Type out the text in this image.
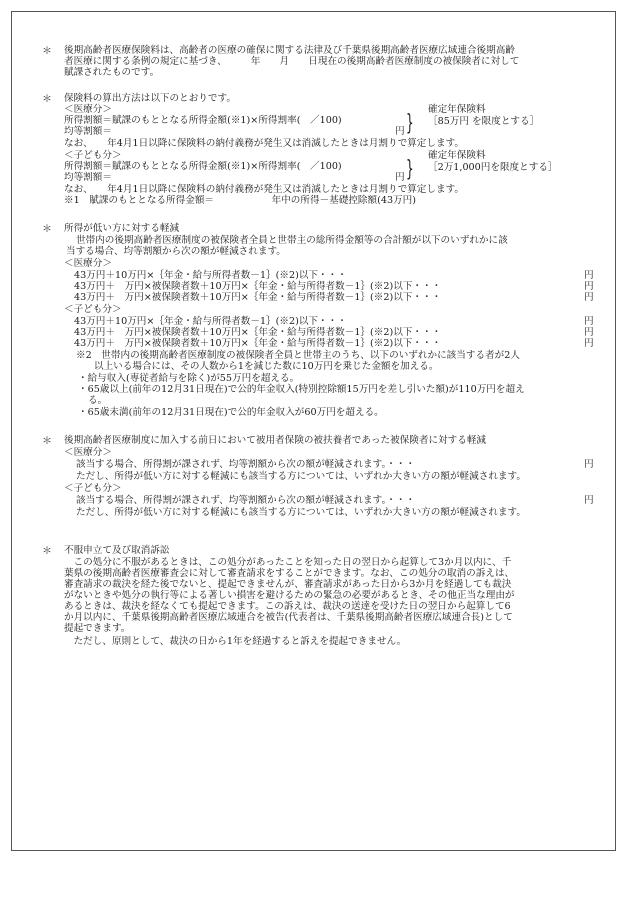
＊ 後期高齢者医療保険料は、高齢者の医療の確保に関する法律及び千葉県後期高齢者医療広域連合後期高齢
者医療に関する条例の規定に基づき、　　　年　　月　　日現在の後期高齢者医療制度の被保険者に対して
賦課されたものです。
＊ 保険料の算出方法は以下のとおりです。
＜医療分＞	確定年保険料
所得割額＝賦課のもととなる所得金額(※1)×所得割率(　／100)	} ［85万円 を限度とする］
均等割額＝	円
なお、　　年4月1日以降に保険料の納付義務が発生又は消滅したときは月割りで算定します。
＜子ども分＞	確定年保険料
所得割額＝賦課のもととなる所得金額(※1)×所得割率(　／100)	} ［2万1,000円を限度とする］
均等割額＝	円
なお、　　年4月1日以降に保険料の納付義務が発生又は消滅したときは月割りで算定します。
※1　賦課のもととなる所得金額＝　　　　　　年中の所得－基礎控除額(43万円)
＊ 所得が低い方に対する軽減
世帯内の後期高齢者医療制度の被保険者全員と世帯主の総所得金額等の合計額が以下のいずれかに該
当する場合、均等割額から次の額が軽減されます。
＜医療分＞
43万円＋10万円×｛年金・給与所得者数－1｝(※2)以下・・・	円
43万円＋　万円×被保険者数＋10万円×｛年金・給与所得者数－1｝(※2)以下・・・	円
43万円＋　万円×被保険者数＋10万円×｛年金・給与所得者数－1｝(※2)以下・・・	円
＜子ども分＞
43万円＋10万円×｛年金・給与所得者数－1｝(※2)以下・・・	円
43万円＋　万円×被保険者数＋10万円×｛年金・給与所得者数－1｝(※2)以下・・・	円
43万円＋　万円×被保険者数＋10万円×｛年金・給与所得者数－1｝(※2)以下・・・	円
※2　世帯内の後期高齢者医療制度の被保険者全員と世帯主のうち、以下のいずれかに該当する者が2人
以上いる場合には、その人数から1を減じた数に10万円を乗じた金額を加える。
・給与収入(専従者給与を除く)が55万円を超える。
・65歳以上(前年の12月31日現在)で公的年金収入(特別控除額15万円を差し引いた額)が110万円を超え
る。
・65歳未満(前年の12月31日現在)で公的年金収入が60万円を超える。
＊ 後期高齢者医療制度に加入する前日において被用者保険の被扶養者であった被保険者に対する軽減
＜医療分＞
該当する場合、所得割が課されず、均等割額から次の額が軽減されます。・・・	円
ただし、所得が低い方に対する軽減にも該当する方については、いずれか大きい方の額が軽減されます。
＜子ども分＞
該当する場合、所得割が課されず、均等割額から次の額が軽減されます。・・・	円
ただし、所得が低い方に対する軽減にも該当する方については、いずれか大きい方の額が軽減されます。
＊ 不服申立て及び取消訴訟
　この処分に不服があるときは、この処分があったことを知った日の翌日から起算して3か月以内に、千
葉県の後期高齢者医療審査会に対して審査請求をすることができます。なお、この処分の取消の訴えは、
審査請求の裁決を経た後でないと、提起できませんが、審査請求があった日から3か月を経過しても裁決
がないときや処分の執行等による著しい損害を避けるための緊急の必要があるとき、その他正当な理由が
あるときは、裁決を経なくても提起できます。この訴えは、裁決の送達を受けた日の翌日から起算して6
か月以内に、千葉県後期高齢者医療広域連合を被告(代表者は、千葉県後期高齢者医療広域連合長)として
提起できます。
　ただし、原則として、裁決の日から1年を経過すると訴えを提起できません。
